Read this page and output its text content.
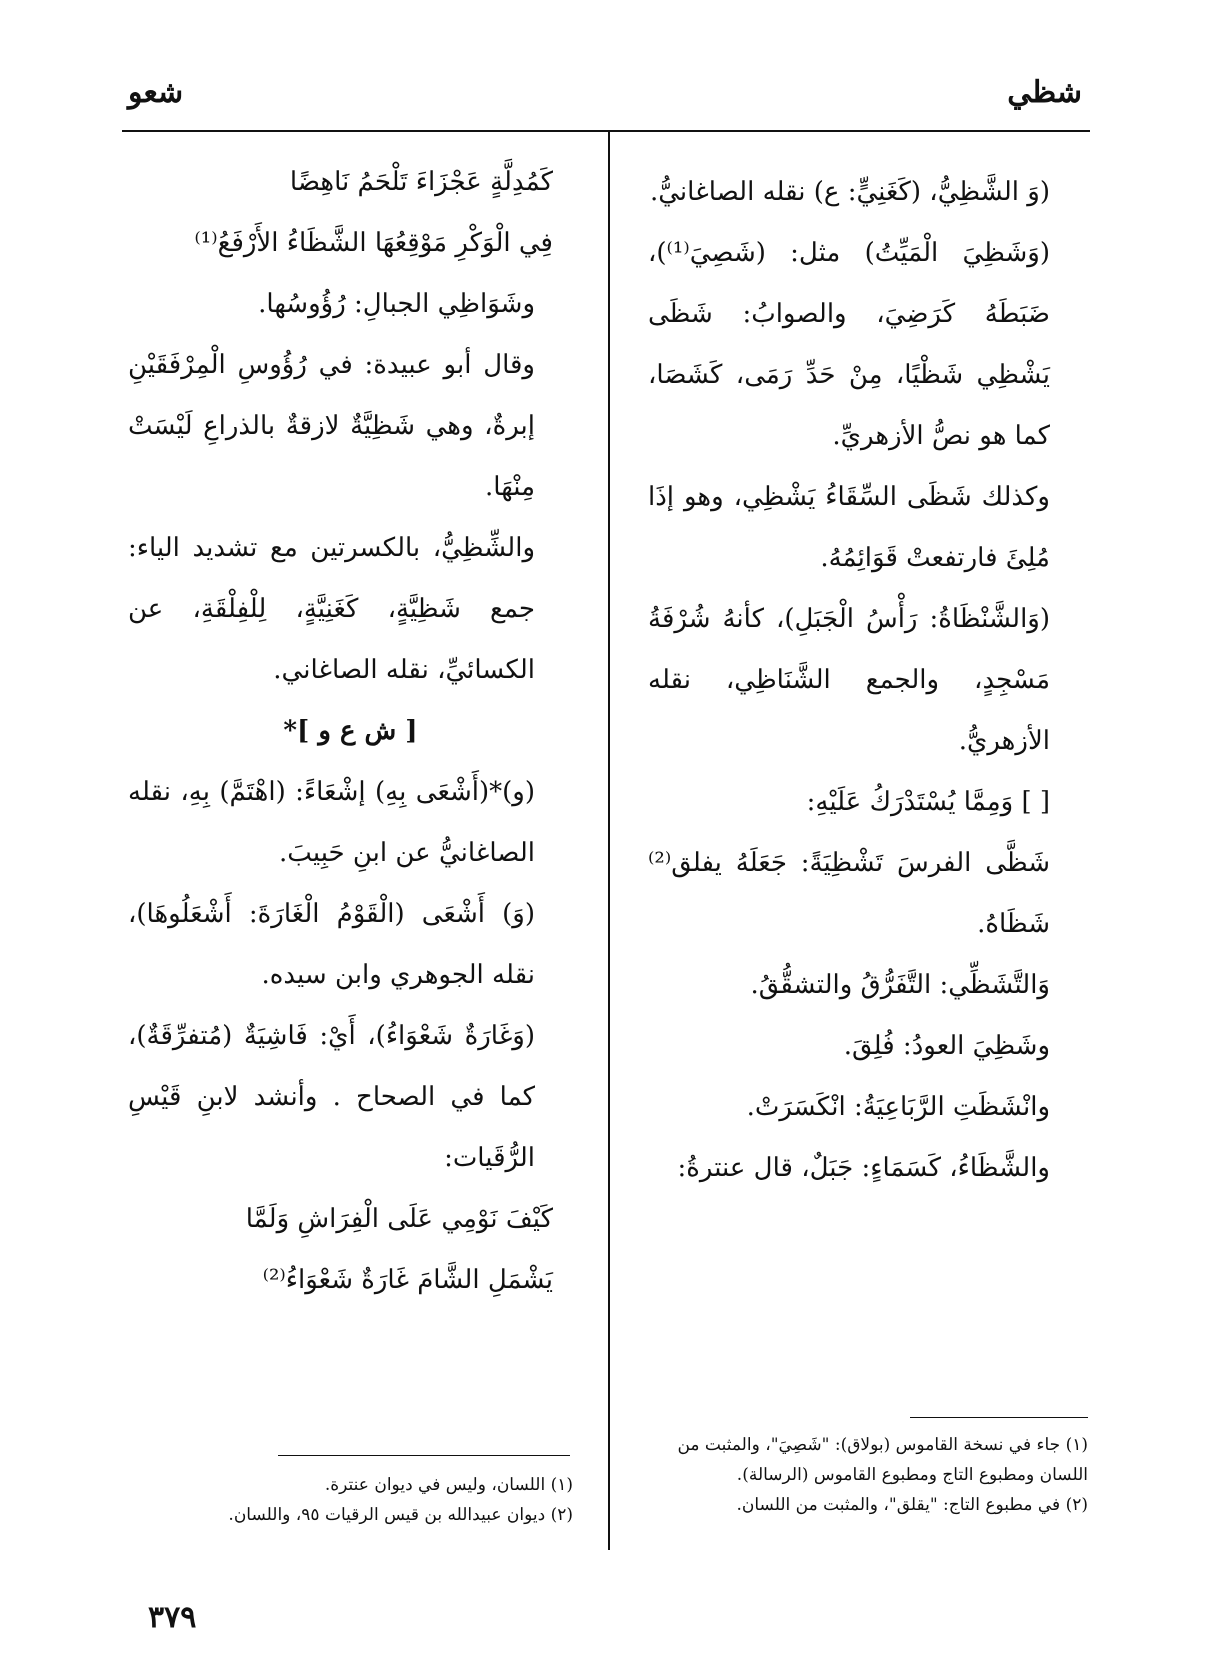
شظي
شعو

(وَ الشَّظِيُّ، (كَغَنِيٍّ: ع) نقله الصاغانيُّ.

(وَشَظِيَ الْمَيِّتُ) مثل: (شَصِيَ⁽¹⁾)، ضَبَطَهُ كَرَضِيَ، والصوابُ: شَظَى يَشْظِي شَظْيًا، مِنْ حَدِّ رَمَى، كَشَصَا، كما هو نصُّ الأزهريِّ.

وكذلك شَظَى السِّقَاءُ يَشْظِي، وهو إذَا مُلِئَ فارتفعتْ قَوَائِمُهُ.

(وَالشَّنْظَاةُ: رَأْسُ الْجَبَلِ)، كأنهُ شُرْفَةُ مَسْجِدٍ، والجمع الشَّنَاظِي، نقله الأزهريُّ.

[ ] وَمِمَّا يُسْتَدْرَكُ عَلَيْهِ:

شَظَّى الفرسَ تَشْظِيَةً: جَعَلَهُ يفلق⁽²⁾ شَظَاهُ.

وَالتَّشَظِّي: التَّفَرُّقُ والتشقُّقُ.

وشَظِيَ العودُ: فُلِقَ.

وانْشَظَتِ الرَّبَاعِيَةُ: انْكَسَرَتْ.

والشَّظَاءُ، كَسَمَاءٍ: جَبَلٌ، قال عنترةُ:

(١) جاء في نسخة القاموس (بولاق): "شَصِيَ"، والمثبت من اللسان ومطبوع التاج ومطبوع القاموس (الرسالة).

(٢) في مطبوع التاج: "يقلق"، والمثبت من اللسان.

كَمُدِلَّةٍ عَجْزَاءَ تَلْحَمُ نَاهِضًا

فِي الْوَكْرِ مَوْقِعُهَا الشَّظَاءُ الأَرْفَعُ⁽¹⁾

وشَوَاظِي الجبالِ: رُؤُوسُها.

وقال أبو عبيدة: في رُؤُوسِ الْمِرْفَقَيْنِ إبرةٌ، وهي شَظِيَّةٌ لازقةٌ بالذراعِ لَيْسَتْ مِنْهَا.

والشِّظِيُّ، بالكسرتين مع تشديد الياء: جمع شَظِيَّةٍ، كَغَنِيَّةٍ، لِلْفِلْقَةِ، عن الكسائيِّ، نقله الصاغاني.

[ ش ع و ]*

(و)*(أَشْعَى بِهِ) إشْعَاءً: (اهْتَمَّ) بِهِ، نقله الصاغانيُّ عن ابنِ حَبِيبَ.

(وَ) أَشْعَى (الْقَوْمُ الْغَارَةَ: أَشْعَلُوهَا)، نقله الجوهري وابن سيده.

(وَغَارَةٌ شَعْوَاءُ)، أَيْ: فَاشِيَةٌ (مُتفرِّقَةٌ)، كما في الصحاح . وأنشد لابنِ قَيْسِ الرُّقَيات:

كَيْفَ نَوْمِي عَلَى الْفِرَاشِ وَلَمَّا

يَشْمَلِ الشَّامَ غَارَةٌ شَعْوَاءُ⁽²⁾

(١) اللسان، وليس في ديوان عنترة.

(٢) ديوان عبيدالله بن قيس الرقيات ٩٥، واللسان.

٣٧٩
